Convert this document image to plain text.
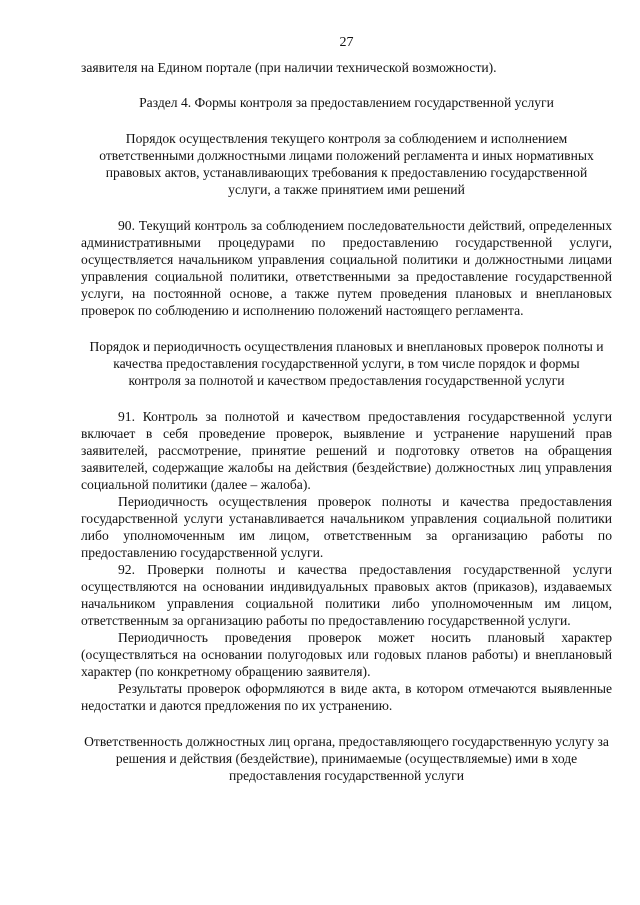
27

заявителя на Едином портале (при наличии технической возможности).

Раздел 4. Формы контроля за предоставлением государственной услуги

Порядок осуществления текущего контроля за соблюдением и исполнением ответственными должностными лицами положений регламента и иных нормативных правовых актов, устанавливающих требования к предоставлению государственной услуги, а также принятием ими решений

90. Текущий контроль за соблюдением последовательности действий, определенных административными процедурами по предоставлению государственной услуги, осуществляется начальником управления социальной политики и должностными лицами управления социальной политики, ответственными за предоставление государственной услуги, на постоянной основе, а также путем проведения плановых и внеплановых проверок по соблюдению и исполнению положений настоящего регламента.

Порядок и периодичность осуществления плановых и внеплановых проверок полноты и качества предоставления государственной услуги, в том числе порядок и формы контроля за полнотой и качеством предоставления государственной услуги

91. Контроль за полнотой и качеством предоставления государственной услуги включает в себя проведение проверок, выявление и устранение нарушений прав заявителей, рассмотрение, принятие решений и подготовку ответов на обращения заявителей, содержащие жалобы на действия (бездействие) должностных лиц управления социальной политики (далее – жалоба).

Периодичность осуществления проверок полноты и качества предоставления государственной услуги устанавливается начальником управления социальной политики либо уполномоченным им лицом, ответственным за организацию работы по предоставлению государственной услуги.

92. Проверки полноты и качества предоставления государственной услуги осуществляются на основании индивидуальных правовых актов (приказов), издаваемых начальником управления социальной политики либо уполномоченным им лицом, ответственным за организацию работы по предоставлению государственной услуги.

Периодичность проведения проверок может носить плановый характер (осуществляться на основании полугодовых или годовых планов работы) и внеплановый характер (по конкретному обращению заявителя).

Результаты проверок оформляются в виде акта, в котором отмечаются выявленные недостатки и даются предложения по их устранению.

Ответственность должностных лиц органа, предоставляющего государственную услугу за решения и действия (бездействие), принимаемые (осуществляемые) ими в ходе предоставления государственной услуги
